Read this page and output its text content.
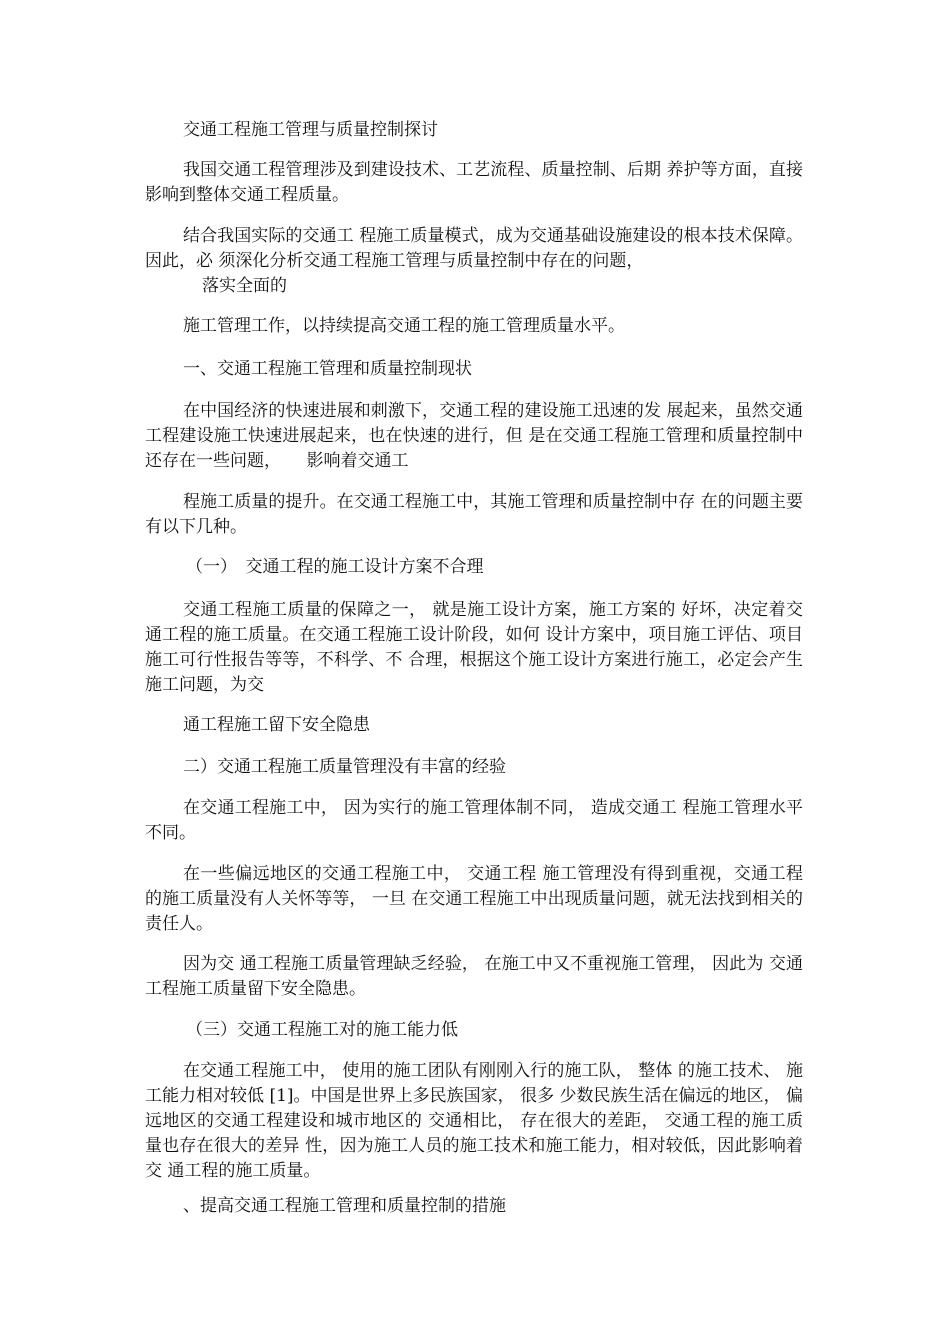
交通工程施工管理与质量控制探讨

我国交通工程管理涉及到建设技术、工艺流程、质量控制、后期 养护等方面，直接影响到整体交通工程质量。

结合我国实际的交通工 程施工质量模式，成为交通基础设施建设的根本技术保障。因此，必 须深化分析交通工程施工管理与质量控制中存在的问题，

落实全面的
施工管理工作，以持续提高交通工程的施工管理质量水平。
一、交通工程施工管理和质量控制现状

在中国经济的快速进展和刺激下，交通工程的建设施工迅速的发 展起来，虽然交通工程建设施工快速进展起来，也在快速的进行，但 是在交通工程施工管理和质量控制中还存在一些问题，　　影响着交通工

程施工质量的提升。在交通工程施工中，其施工管理和质量控制中存 在的问题主要有以下几种。

（一）　交通工程的施工设计方案不合理

交通工程施工质量的保障之一， 就是施工设计方案，施工方案的 好坏，决定着交通工程的施工质量。在交通工程施工设计阶段，如何 设计方案中，项目施工评估、项目施工可行性报告等等，不科学、不 合理，根据这个施工设计方案进行施工，必定会产生施工问题，为交

通工程施工留下安全隐患
二）交通工程施工质量管理没有丰富的经验

在交通工程施工中， 因为实行的施工管理体制不同， 造成交通工 程施工管理水平不同。

在一些偏远地区的交通工程施工中， 交通工程 施工管理没有得到重视，交通工程的施工质量没有人关怀等等， 一旦 在交通工程施工中出现质量问题，就无法找到相关的责任人。

因为交 通工程施工质量管理缺乏经验， 在施工中又不重视施工管理， 因此为 交通工程施工质量留下安全隐患。

（三）交通工程施工对的施工能力低

在交通工程施工中， 使用的施工团队有刚刚入行的施工队， 整体 的施工技术、 施工能力相对较低 [1]。中国是世界上多民族国家， 很多 少数民族生活在偏远的地区， 偏远地区的交通工程建设和城市地区的 交通相比， 存在很大的差距， 交通工程的施工质量也存在很大的差异 性，因为施工人员的施工技术和施工能力，相对较低，因此影响着交 通工程的施工质量。

、提高交通工程施工管理和质量控制的措施
